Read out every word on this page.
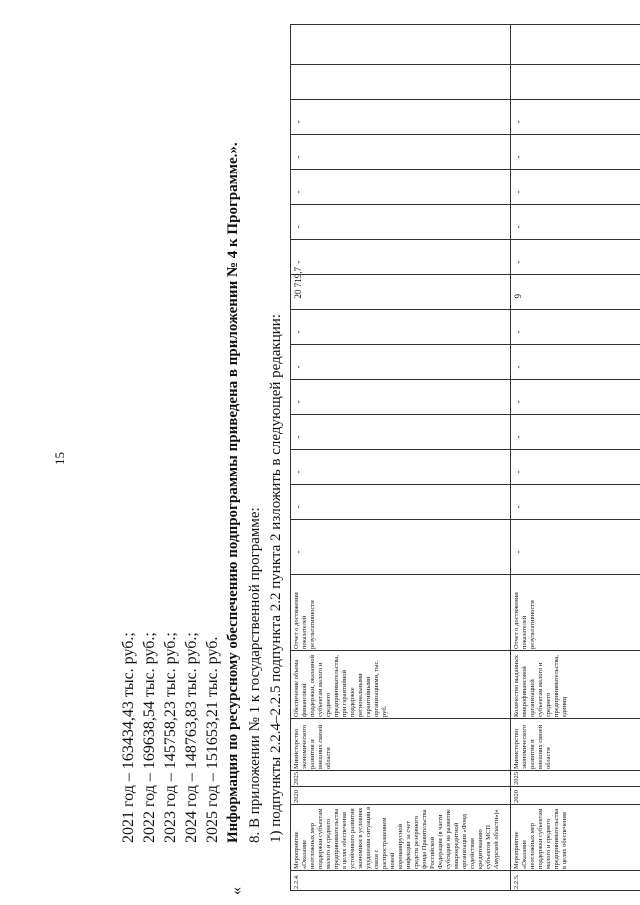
15
2021 год – 163434,43 тыс. руб.; 2022 год – 169638,54 тыс. руб.; 2023 год – 145758,23 тыс. руб.; 2024 год – 148763,83 тыс. руб.; 2025 год – 151653,21 тыс. руб. Информация по ресурсному обеспечению подпрограммы приведена в приложении № 4 к Программе.». 8. В приложении № 1 к государственной программе: 1) подпункты 2.2.4–2.2.5 подпункта 2.2 пункта 2 изложить в следующей редакции:
«
2.2.4.
Мероприятие «Оказание неотложных мер поддержки субъектам малого и среднего предпринимательства в целях обеспечения устойчивого развития экономики в условиях ухудшения ситуации в связи с распространением новой коронавирусной инфекции за счет средств резервного фонда Правительства Российской Федерации (в части субсидии на развитие микрокредитной организации «Фонд содействия кредитованию субъектов МСП Амурской области»)»
2020
2025
Министерство экономического развития и внешних связей области
Обеспечение объема финансовой поддержки, оказанной субъектам малого и среднего предпринимательства, при гарантийной поддержке региональными гарантийными организациями, тыс. руб.
Отчет о достижении показателей результативности
-
-
-
-
-
-
-
20 719,7
-
-
-
-
-
2.2.5.
Мероприятие «Оказание неотложных мер поддержки субъектам малого и среднего предпринимательства в целях обеспечения
2020
2025
Министерство экономического развития и внешних связей области
Количество выданных микрофинансовой организацией субъектам малого и среднего предпринимательства, единиц
Отчет о достижении показателей результативности
-
-
-
-
-
-
-
9
-
-
-
-
-
